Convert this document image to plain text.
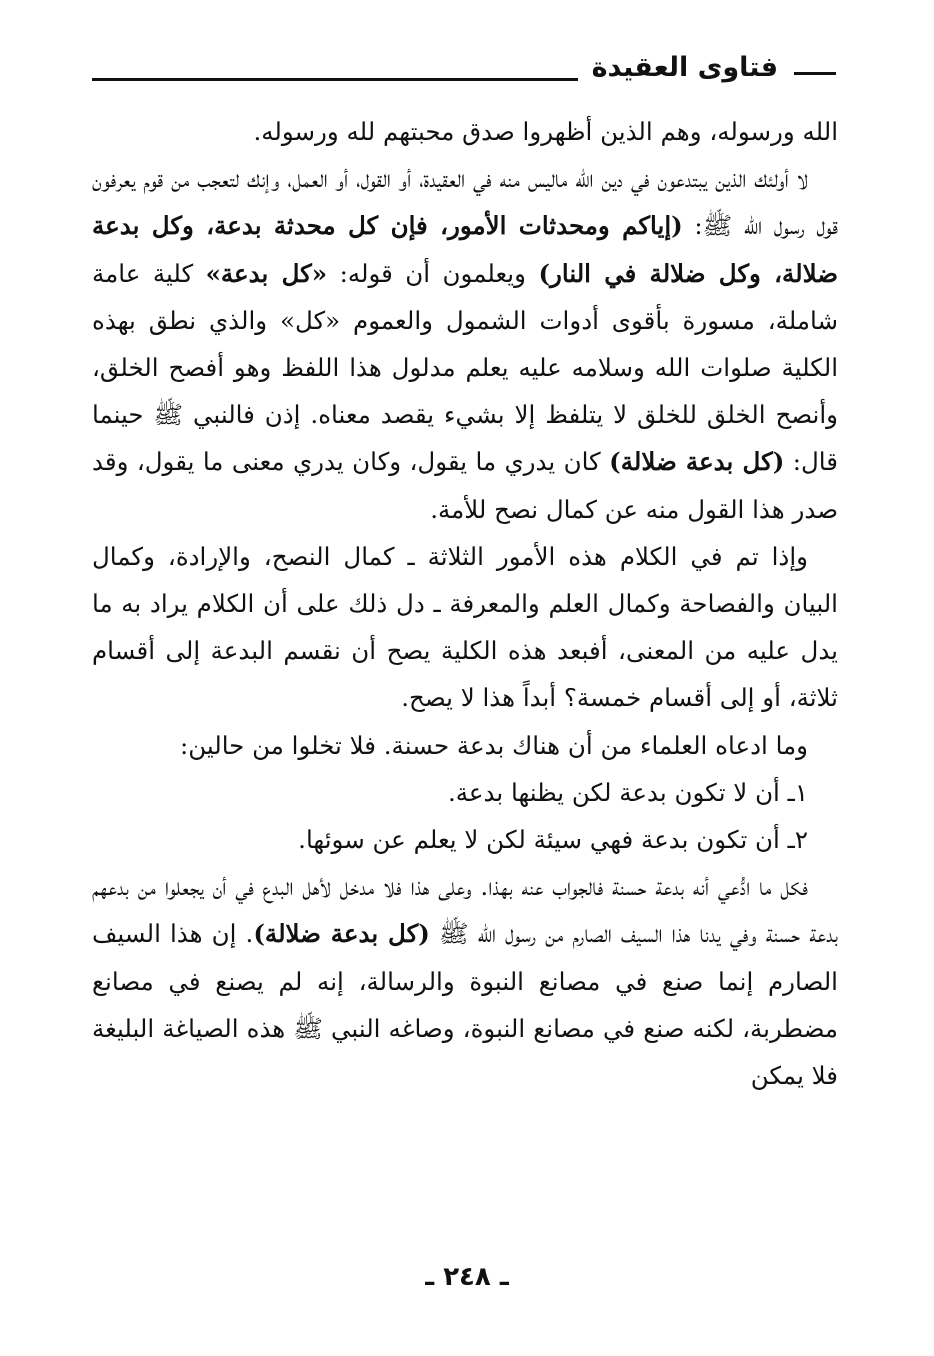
فتاوى العقيدة

الله ورسوله، وهم الذين أظهروا صدق محبتهم لله ورسوله.

لا أولئك الذين يبتدعون في دين الله ماليس منه في العقيدة، أو القول، أو العمل، وإنك لتعجب من قوم يعرفون قول رسول الله ﷺ: (إياكم ومحدثات الأمور، فإن كل محدثة بدعة، وكل بدعة ضلالة، وكل ضلالة في النار) ويعلمون أن قوله: «كل بدعة» كلية عامة شاملة، مسورة بأقوى أدوات الشمول والعموم «كل» والذي نطق بهذه الكلية صلوات الله وسلامه عليه يعلم مدلول هذا اللفظ وهو أفصح الخلق، وأنصح الخلق للخلق لا يتلفظ إلا بشيء يقصد معناه. إذن فالنبي ﷺ حينما قال: (كل بدعة ضلالة) كان يدري ما يقول، وكان يدري معنى ما يقول، وقد صدر هذا القول منه عن كمال نصح للأمة.

وإذا تم في الكلام هذه الأمور الثلاثة ـ كمال النصح، والإرادة، وكمال البيان والفصاحة وكمال العلم والمعرفة ـ دل ذلك على أن الكلام يراد به ما يدل عليه من المعنى، أفبعد هذه الكلية يصح أن نقسم البدعة إلى أقسام ثلاثة، أو إلى أقسام خمسة؟ أبداً هذا لا يصح.

وما ادعاه العلماء من أن هناك بدعة حسنة. فلا تخلوا من حالين:

١ـ أن لا تكون بدعة لكن يظنها بدعة.

٢ـ أن تكون بدعة فهي سيئة لكن لا يعلم عن سوئها.

فكل ما ادُّعي أنه بدعة حسنة فالجواب عنه بهذا. وعلى هذا فلا مدخل لأهل البدع في أن يجعلوا من بدعهم بدعة حسنة وفي يدنا هذا السيف الصارم من رسول الله ﷺ (كل بدعة ضلالة). إن هذا السيف الصارم إنما صنع في مصانع النبوة والرسالة، إنه لم يصنع في مصانع مضطربة، لكنه صنع في مصانع النبوة، وصاغه النبي ﷺ هذه الصياغة البليغة فلا يمكن

ـ ٢٤٨ ـ
